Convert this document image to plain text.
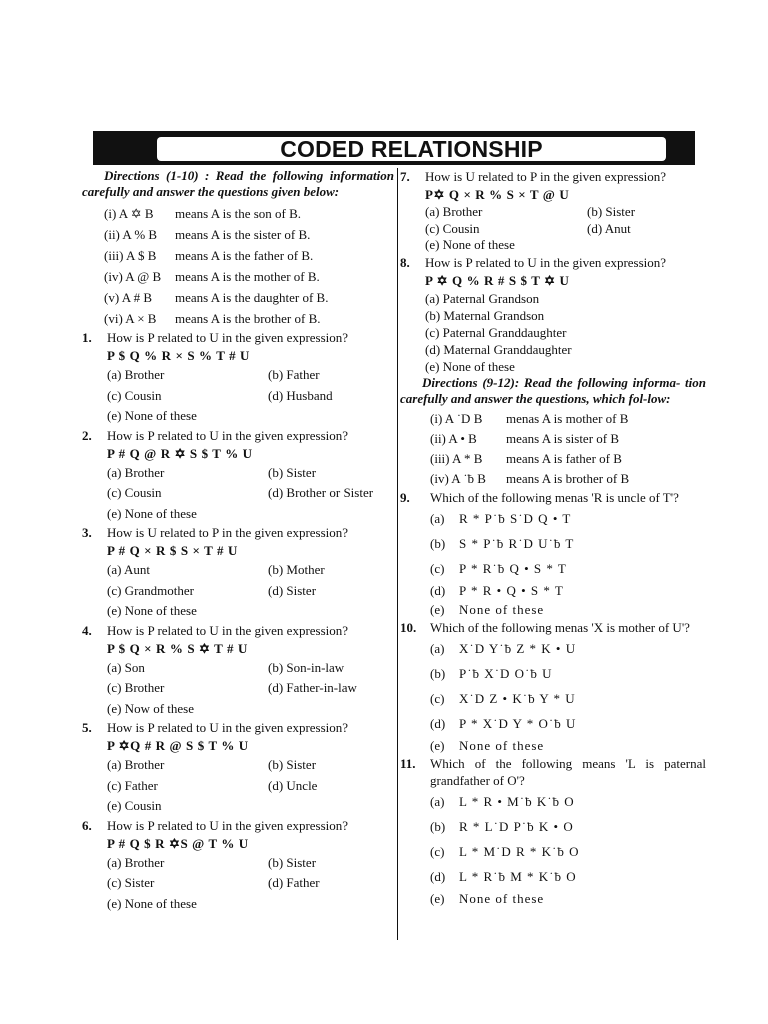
CODED RELATIONSHIP
Directions (1-10) : Read the following information carefully and answer the questions given below:
(i) A ✡ B means A is the son of B.
(ii) A % B means A is the sister of B.
(iii) A $ B means A is the father of B.
(iv) A @ B means A is the mother of B.
(v) A # B means A is the daughter of B.
(vi) A × B means A is the brother of B.
1. How is P related to U in the given expression?
P $ Q % R × S % T # U
(a) Brother	(b) Father
(c) Cousin	(d) Husband
(e) None of these
2. How is P related to U in the given expression?
P # Q @ R ✡ S $ T % U
(a) Brother	(b) Sister
(c) Cousin	(d) Brother or Sister
(e) None of these
3. How is U related to P in the given expression?
P # Q × R $ S × T # U
(a) Aunt	(b) Mother
(c) Grandmother	(d) Sister
(e) None of these
4. How is P related to U in the given expression?
P $ Q × R % S ✡ T # U
(a) Son	(b) Son-in-law
(c) Brother	(d) Father-in-law
(e) Now of these
5. How is P related to U in the given expression?
P ✡Q # R @ S $ T % U
(a) Brother	(b) Sister
(c) Father	(d) Uncle
(e) Cousin
6. How is P related to U in the given expression?
P # Q $ R ✡S @ T % U
(a) Brother	(b) Sister
(c) Sister	(d) Father
(e) None of these
7. How is U related to P in the given expression?
P✡ Q × R % S × T @ U
(a) Brother	(b) Sister
(c) Cousin	(d) Anut
(e) None of these
8. How is P related to U in the given expression?
P ✡ Q % R # S $ T ✡ U
(a) Paternal Grandson
(b) Maternal Grandson
(c) Paternal Granddaughter
(d) Maternal Granddaughter
(e) None of these
Directions (9-12): Read the following informa- tion carefully and answer the questions, which fol-low:
(i) A ˙D B menas A is mother of B
(ii) A • B means A is sister of B
(iii) A * B means A is father of B
(iv) A ˙ƀ B means A is brother of B
9. Which of the following menas 'R is uncle of T'?
(a) R * P˙ƀ S˙D Q • T
(b) S * P˙ƀ R˙D U˙ƀ T
(c) P * R˙ƀ Q • S * T
(d) P * R • Q • S * T
(e) None of these
10. Which of the following menas 'X is mother of U'?
(a) X˙D Y˙ƀ Z * K • U
(b) P˙ƀ X˙D O˙ƀ U
(c) X˙D Z • K˙ƀ Y * U
(d) P * X˙D Y * O˙ƀ U
(e) None of these
11. Which of the following means 'L is paternal grandfather of O'?
(a) L * R • M˙ƀ K˙ƀ O
(b) R * L˙D P˙ƀ K • O
(c) L * M˙D R * K˙ƀ O
(d) L * R˙ƀ M * K˙ƀ O
(e) None of these
